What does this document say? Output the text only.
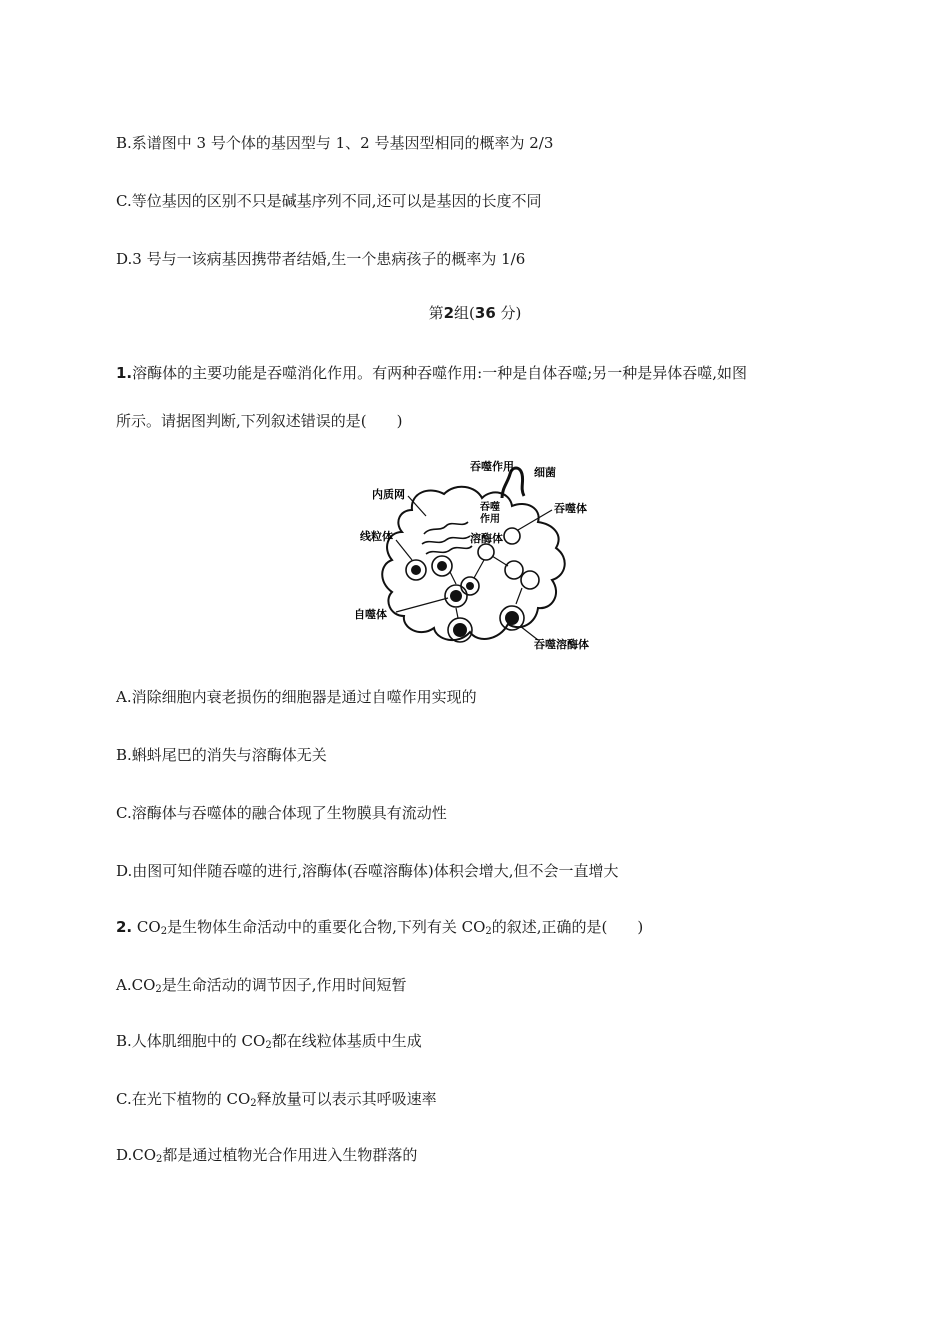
B.系谱图中 3 号个体的基因型与 1、2 号基因型相同的概率为 2/3
C.等位基因的区别不只是碱基序列不同,还可以是基因的长度不同
D.3 号与一该病基因携带者结婚,生一个患病孩子的概率为 1/6
第2组(36 分)
1.溶酶体的主要功能是吞噬消化作用。有两种吞噬作用:一种是自体吞噬;另一种是异体吞噬,如图
所示。请据图判断,下列叙述错误的是(　　)
吞噬作用 细菌
内质网
吞噬
作用
吞噬体
线粒体	溶酶体
自噬体
吞噬溶酶体
A.消除细胞内衰老损伤的细胞器是通过自噬作用实现的
B.蝌蚪尾巴的消失与溶酶体无关
C.溶酶体与吞噬体的融合体现了生物膜具有流动性
D.由图可知伴随吞噬的进行,溶酶体(吞噬溶酶体)体积会增大,但不会一直增大
2. $CO_2$是生物体生命活动中的重要化合物,下列有关 $CO_2$的叙述,正确的是(　　)
$A.CO_2$是生命活动的调节因子,作用时间短暂
B.人体肌细胞中的 $CO_2$都在线粒体基质中生成
C.在光下植物的 $CO_2$释放量可以表示其呼吸速率
$D.CO_2$都是通过植物光合作用进入生物群落的
